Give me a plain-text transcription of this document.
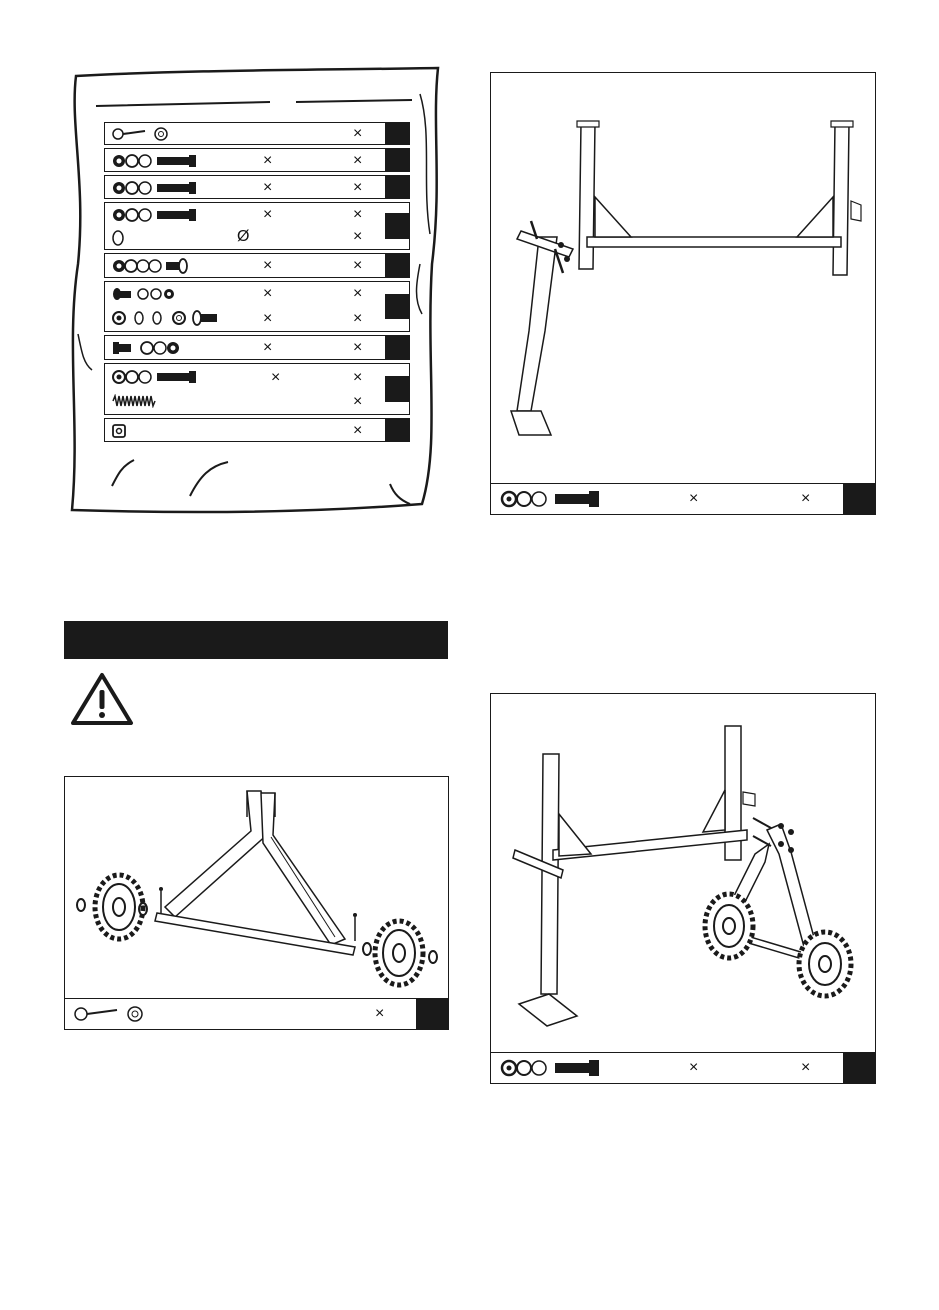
×
×	×
×	×
×	×
Ø	×
×	×
×	×
×	×
×	×
×	×
×
×
×
×	×
×	×
